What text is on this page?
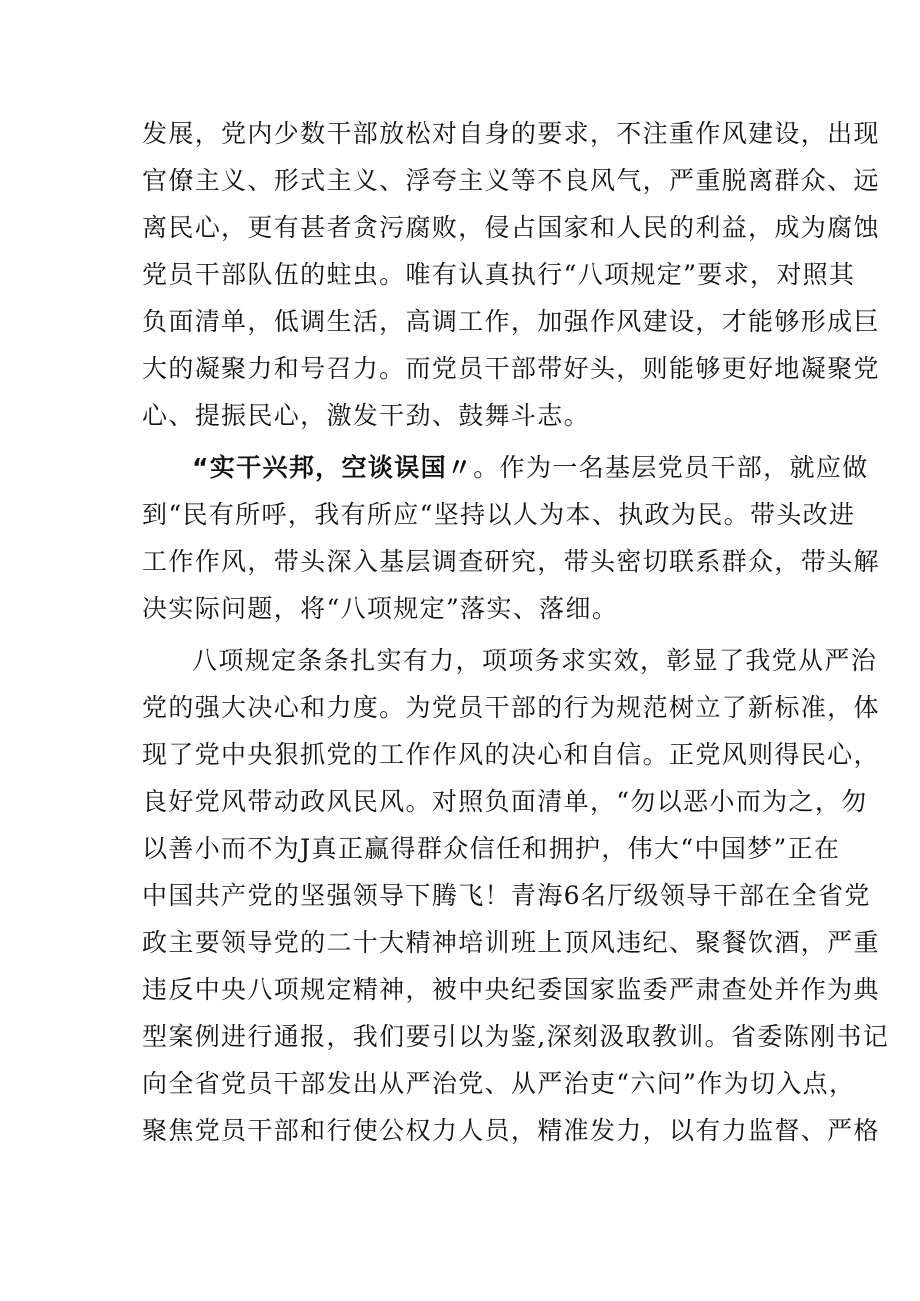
发展，党内少数干部放松对自身的要求，不注重作风建设，出现
官僚主义、形式主义、浮夸主义等不良风气，严重脱离群众、远
离民心，更有甚者贪污腐败，侵占国家和人民的利益，成为腐蚀
党员干部队伍的蛀虫。唯有认真执行“八项规定”要求，对照其
负面清单，低调生活，高调工作，加强作风建设，才能够形成巨
大的凝聚力和号召力。而党员干部带好头，则能够更好地凝聚党
心、提振民心，激发干劲、鼓舞斗志。
“实干兴邦，空谈误国〃。作为一名基层党员干部，就应做
到“民有所呼，我有所应“坚持以人为本、执政为民。带头改进
工作作风，带头深入基层调查研究，带头密切联系群众，带头解
决实际问题，将“八项规定”落实、落细。
八项规定条条扎实有力，项项务求实效，彰显了我党从严治
党的强大决心和力度。为党员干部的行为规范树立了新标准，体
现了党中央狠抓党的工作作风的决心和自信。正党风则得民心，
良好党风带动政风民风。对照负面清单，“勿以恶小而为之，勿
以善小而不为J真正赢得群众信任和拥护，伟大“中国梦”正在
中国共产党的坚强领导下腾飞！青海6名厅级领导干部在全省党
政主要领导党的二十大精神培训班上顶风违纪、聚餐饮酒，严重
违反中央八项规定精神，被中央纪委国家监委严肃查处并作为典
型案例进行通报，我们要引以为鉴,深刻汲取教训。省委陈刚书记
向全省党员干部发出从严治党、从严治吏“六问”作为切入点，
聚焦党员干部和行使公权力人员，精准发力，以有力监督、严格
